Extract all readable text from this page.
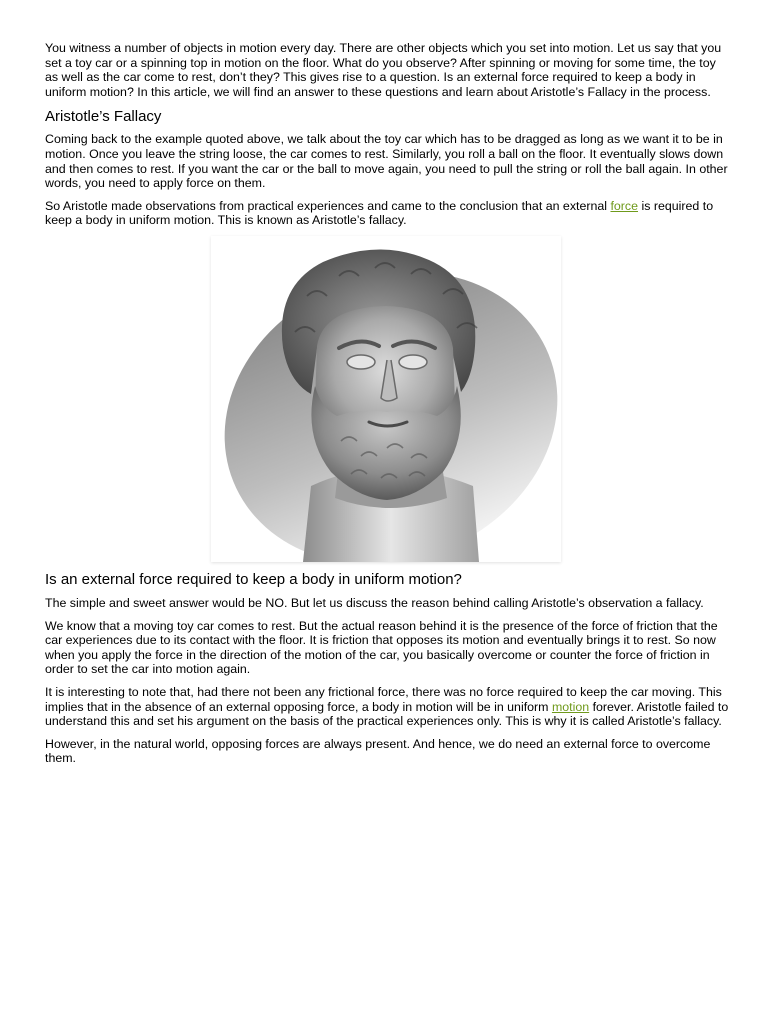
You witness a number of objects in motion every day. There are other objects which you set into motion. Let us say that you set a toy car or a spinning top in motion on the floor. What do you observe? After spinning or moving for some time, the toy as well as the car come to rest, don’t they? This gives rise to a question. Is an external force required to keep a body in uniform motion? In this article, we will find an answer to these questions and learn about Aristotle’s Fallacy in the process.

Aristotle’s Fallacy

Coming back to the example quoted above, we talk about the toy car which has to be dragged as long as we want it to be in motion. Once you leave the string loose, the car comes to rest. Similarly, you roll a ball on the floor. It eventually slows down and then comes to rest. If you want the car or the ball to move again, you need to pull the string or roll the ball again. In other words, you need to apply force on them.

So Aristotle made observations from practical experiences and came to the conclusion that an external force is required to keep a body in uniform motion. This is known as Aristotle’s fallacy.

Is an external force required to keep a body in uniform motion?

The simple and sweet answer would be NO. But let us discuss the reason behind calling Aristotle’s observation a fallacy.

We know that a moving toy car comes to rest. But the actual reason behind it is the presence of the force of friction that the car experiences due to its contact with the floor. It is friction that opposes its motion and eventually brings it to rest. So now when you apply the force in the direction of the motion of the car, you basically overcome or counter the force of friction in order to set the car into motion again.

It is interesting to note that, had there not been any frictional force, there was no force required to keep the car moving. This implies that in the absence of an external opposing force, a body in motion will be in uniform motion forever. Aristotle failed to understand this and set his argument on the basis of the practical experiences only. This is why it is called Aristotle’s fallacy.

However, in the natural world, opposing forces are always present. And hence, we do need an external force to overcome them.
